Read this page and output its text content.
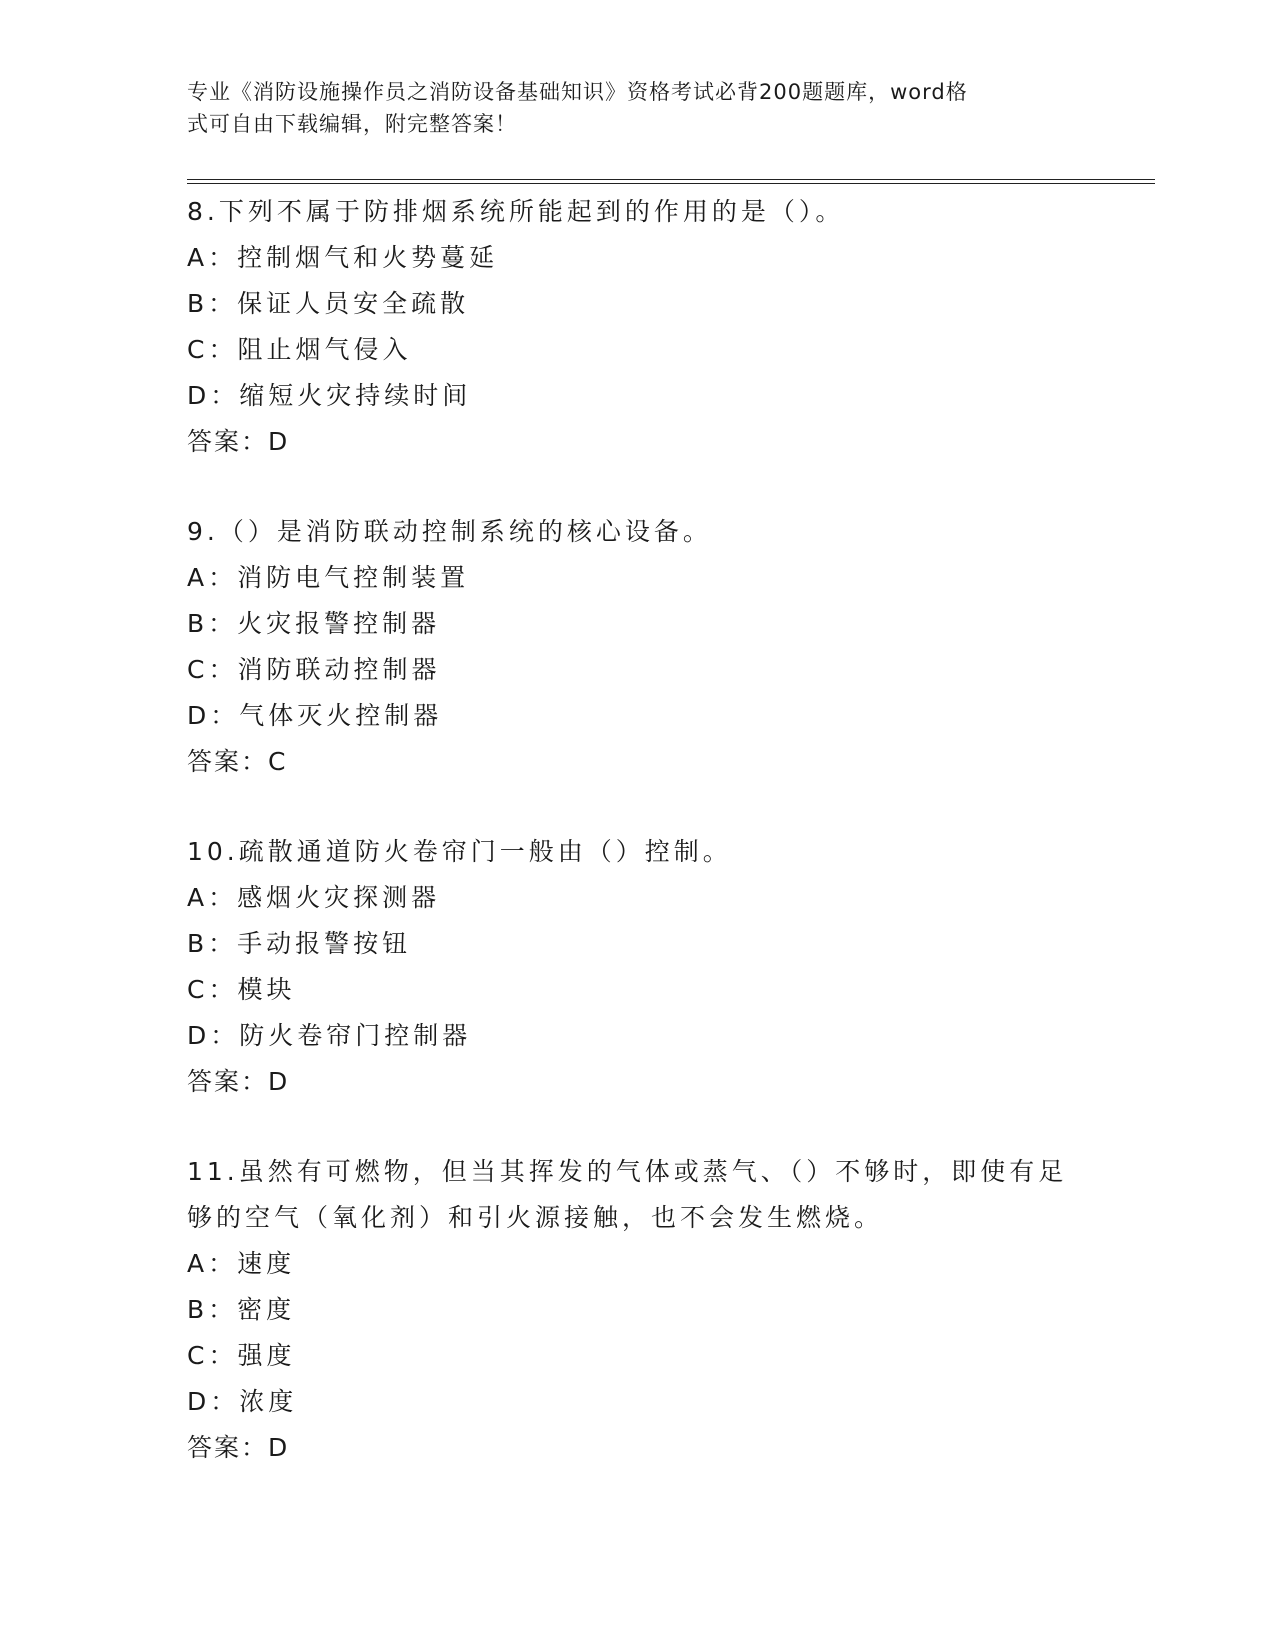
专业《消防设施操作员之消防设备基础知识》资格考试必背200题题库，word格
式可自由下载编辑，附完整答案！
8.下列不属于防排烟系统所能起到的作用的是（）。
A：控制烟气和火势蔓延
B：保证人员安全疏散
C：阻止烟气侵入
D：缩短火灾持续时间
答案：D
9.（）是消防联动控制系统的核心设备。
A：消防电气控制装置
B：火灾报警控制器
C：消防联动控制器
D：气体灭火控制器
答案：C
10.疏散通道防火卷帘门一般由（）控制。
A：感烟火灾探测器
B：手动报警按钮
C：模块
D：防火卷帘门控制器
答案：D
11.虽然有可燃物，但当其挥发的气体或蒸气、（）不够时，即使有足
够的空气（氧化剂）和引火源接触，也不会发生燃烧。
A：速度
B：密度
C：强度
D：浓度
答案：D
